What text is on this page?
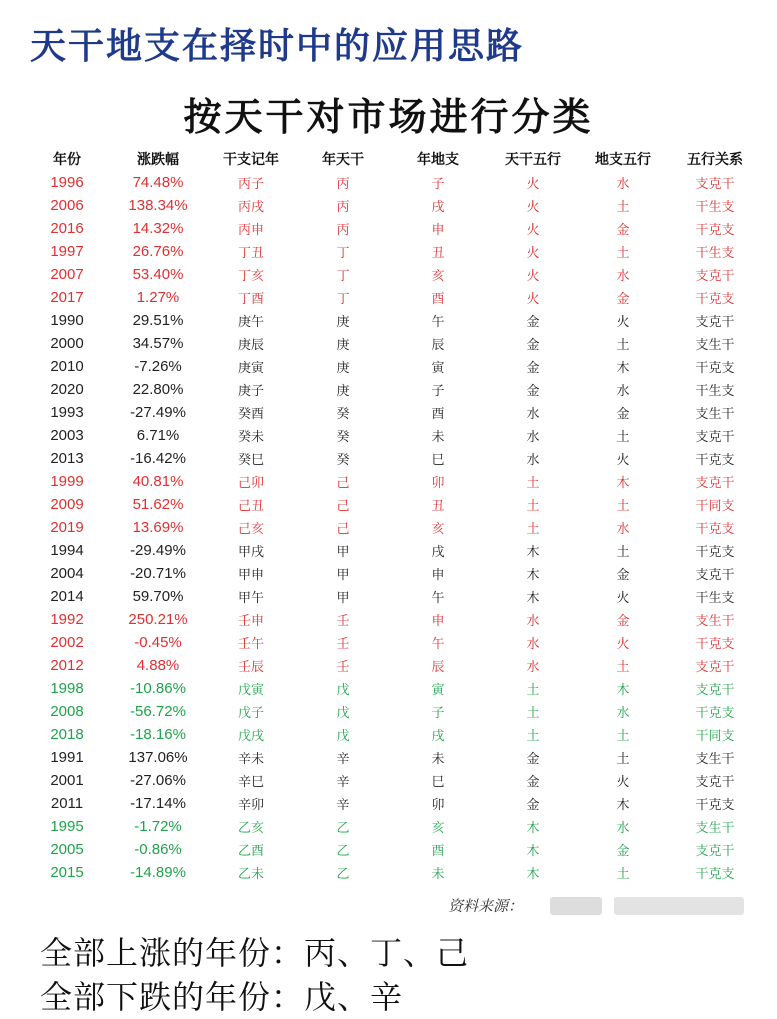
天干地支在择时中的应用思路
按天干对市场进行分类
年份	涨跌幅	干支记年	年天干	年地支	天干五行	地支五行	五行关系
1996	74.48%	丙子	丙	子	火	水	支克干
2006	138.34%	丙戌	丙	戌	火	土	干生支
2016	14.32%	丙申	丙	申	火	金	干克支
1997	26.76%	丁丑	丁	丑	火	土	干生支
2007	53.40%	丁亥	丁	亥	火	水	支克干
2017	1.27%	丁酉	丁	酉	火	金	干克支
1990	29.51%	庚午	庚	午	金	火	支克干
2000	34.57%	庚辰	庚	辰	金	土	支生干
2010	-7.26%	庚寅	庚	寅	金	木	干克支
2020	22.80%	庚子	庚	子	金	水	干生支
1993	-27.49%	癸酉	癸	酉	水	金	支生干
2003	6.71%	癸未	癸	未	水	土	支克干
2013	-16.42%	癸巳	癸	巳	水	火	干克支
1999	40.81%	己卯	己	卯	土	木	支克干
2009	51.62%	己丑	己	丑	土	土	干同支
2019	13.69%	己亥	己	亥	土	水	干克支
1994	-29.49%	甲戌	甲	戌	木	土	干克支
2004	-20.71%	甲申	甲	申	木	金	支克干
2014	59.70%	甲午	甲	午	木	火	干生支
1992	250.21%	壬申	壬	申	水	金	支生干
2002	-0.45%	壬午	壬	午	水	火	干克支
2012	4.88%	壬辰	壬	辰	水	土	支克干
1998	-10.86%	戊寅	戊	寅	土	木	支克干
2008	-56.72%	戊子	戊	子	土	水	干克支
2018	-18.16%	戊戌	戊	戌	土	土	干同支
1991	137.06%	辛未	辛	未	金	土	支生干
2001	-27.06%	辛巳	辛	巳	金	火	支克干
2011	-17.14%	辛卯	辛	卯	金	木	干克支
1995	-1.72%	乙亥	乙	亥	木	水	支生干
2005	-0.86%	乙酉	乙	酉	木	金	支克干
2015	-14.89%	乙未	乙	未	木	土	干克支
资料来源：

全部上涨的年份：丙、丁、己

全部下跌的年份：戊、辛
